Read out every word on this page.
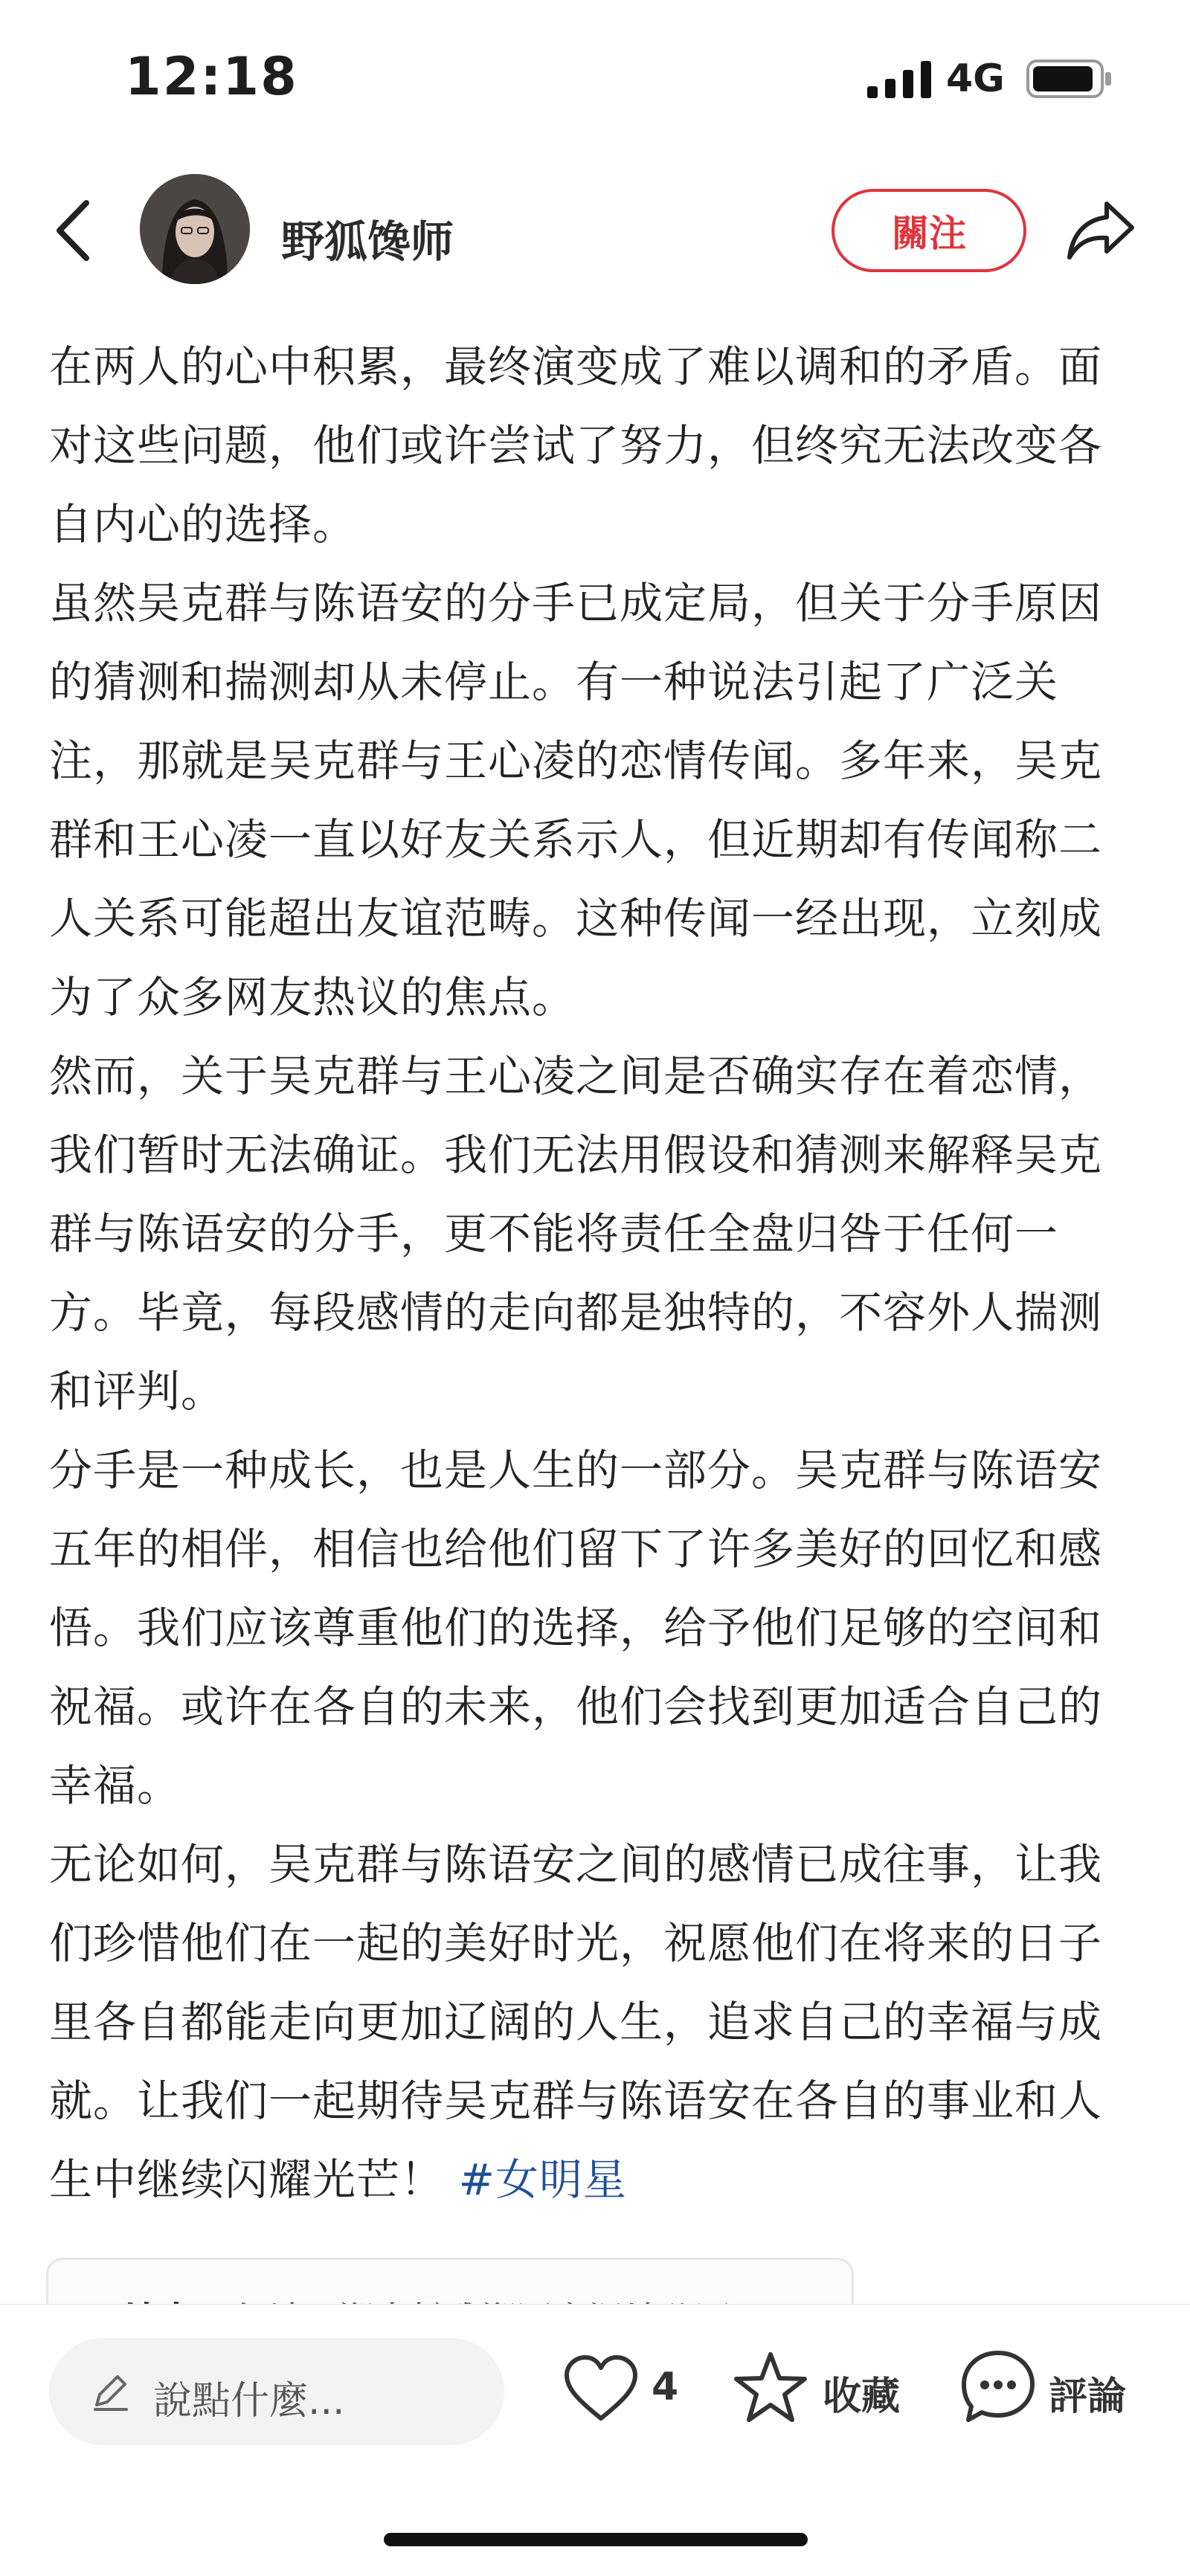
12:18	4G
野狐馋师	關注

在两人的心中积累，最终演变成了难以调和的矛盾。面对这些问题，他们或许尝试了努力，但终究无法改变各自内心的选择。

虽然吴克群与陈语安的分手已成定局，但关于分手原因的猜测和揣测却从未停止。有一种说法引起了广泛关注，那就是吴克群与王心凌的恋情传闻。多年来，吴克群和王心凌一直以好友关系示人，但近期却有传闻称二人关系可能超出友谊范畴。这种传闻一经出现，立刻成为了众多网友热议的焦点。

然而，关于吴克群与王心凌之间是否确实存在着恋情，我们暂时无法确证。我们无法用假设和猜测来解释吴克群与陈语安的分手，更不能将责任全盘归咎于任何一方。毕竟，每段感情的走向都是独特的，不容外人揣测和评判。

分手是一种成长，也是人生的一部分。吴克群与陈语安五年的相伴，相信也给他们留下了许多美好的回忆和感悟。我们应该尊重他们的选择，给予他们足够的空间和祝福。或许在各自的未来，他们会找到更加适合自己的幸福。

无论如何，吴克群与陈语安之间的感情已成往事，让我们珍惜他们在一起的美好时光，祝愿他们在将来的日子里各自都能走向更加辽阔的人生，追求自己的幸福与成就。让我们一起期待吴克群与陈语安在各自的事业和人生中继续闪耀光芒！ #女明星

說點什麼...	4	收藏	評論
